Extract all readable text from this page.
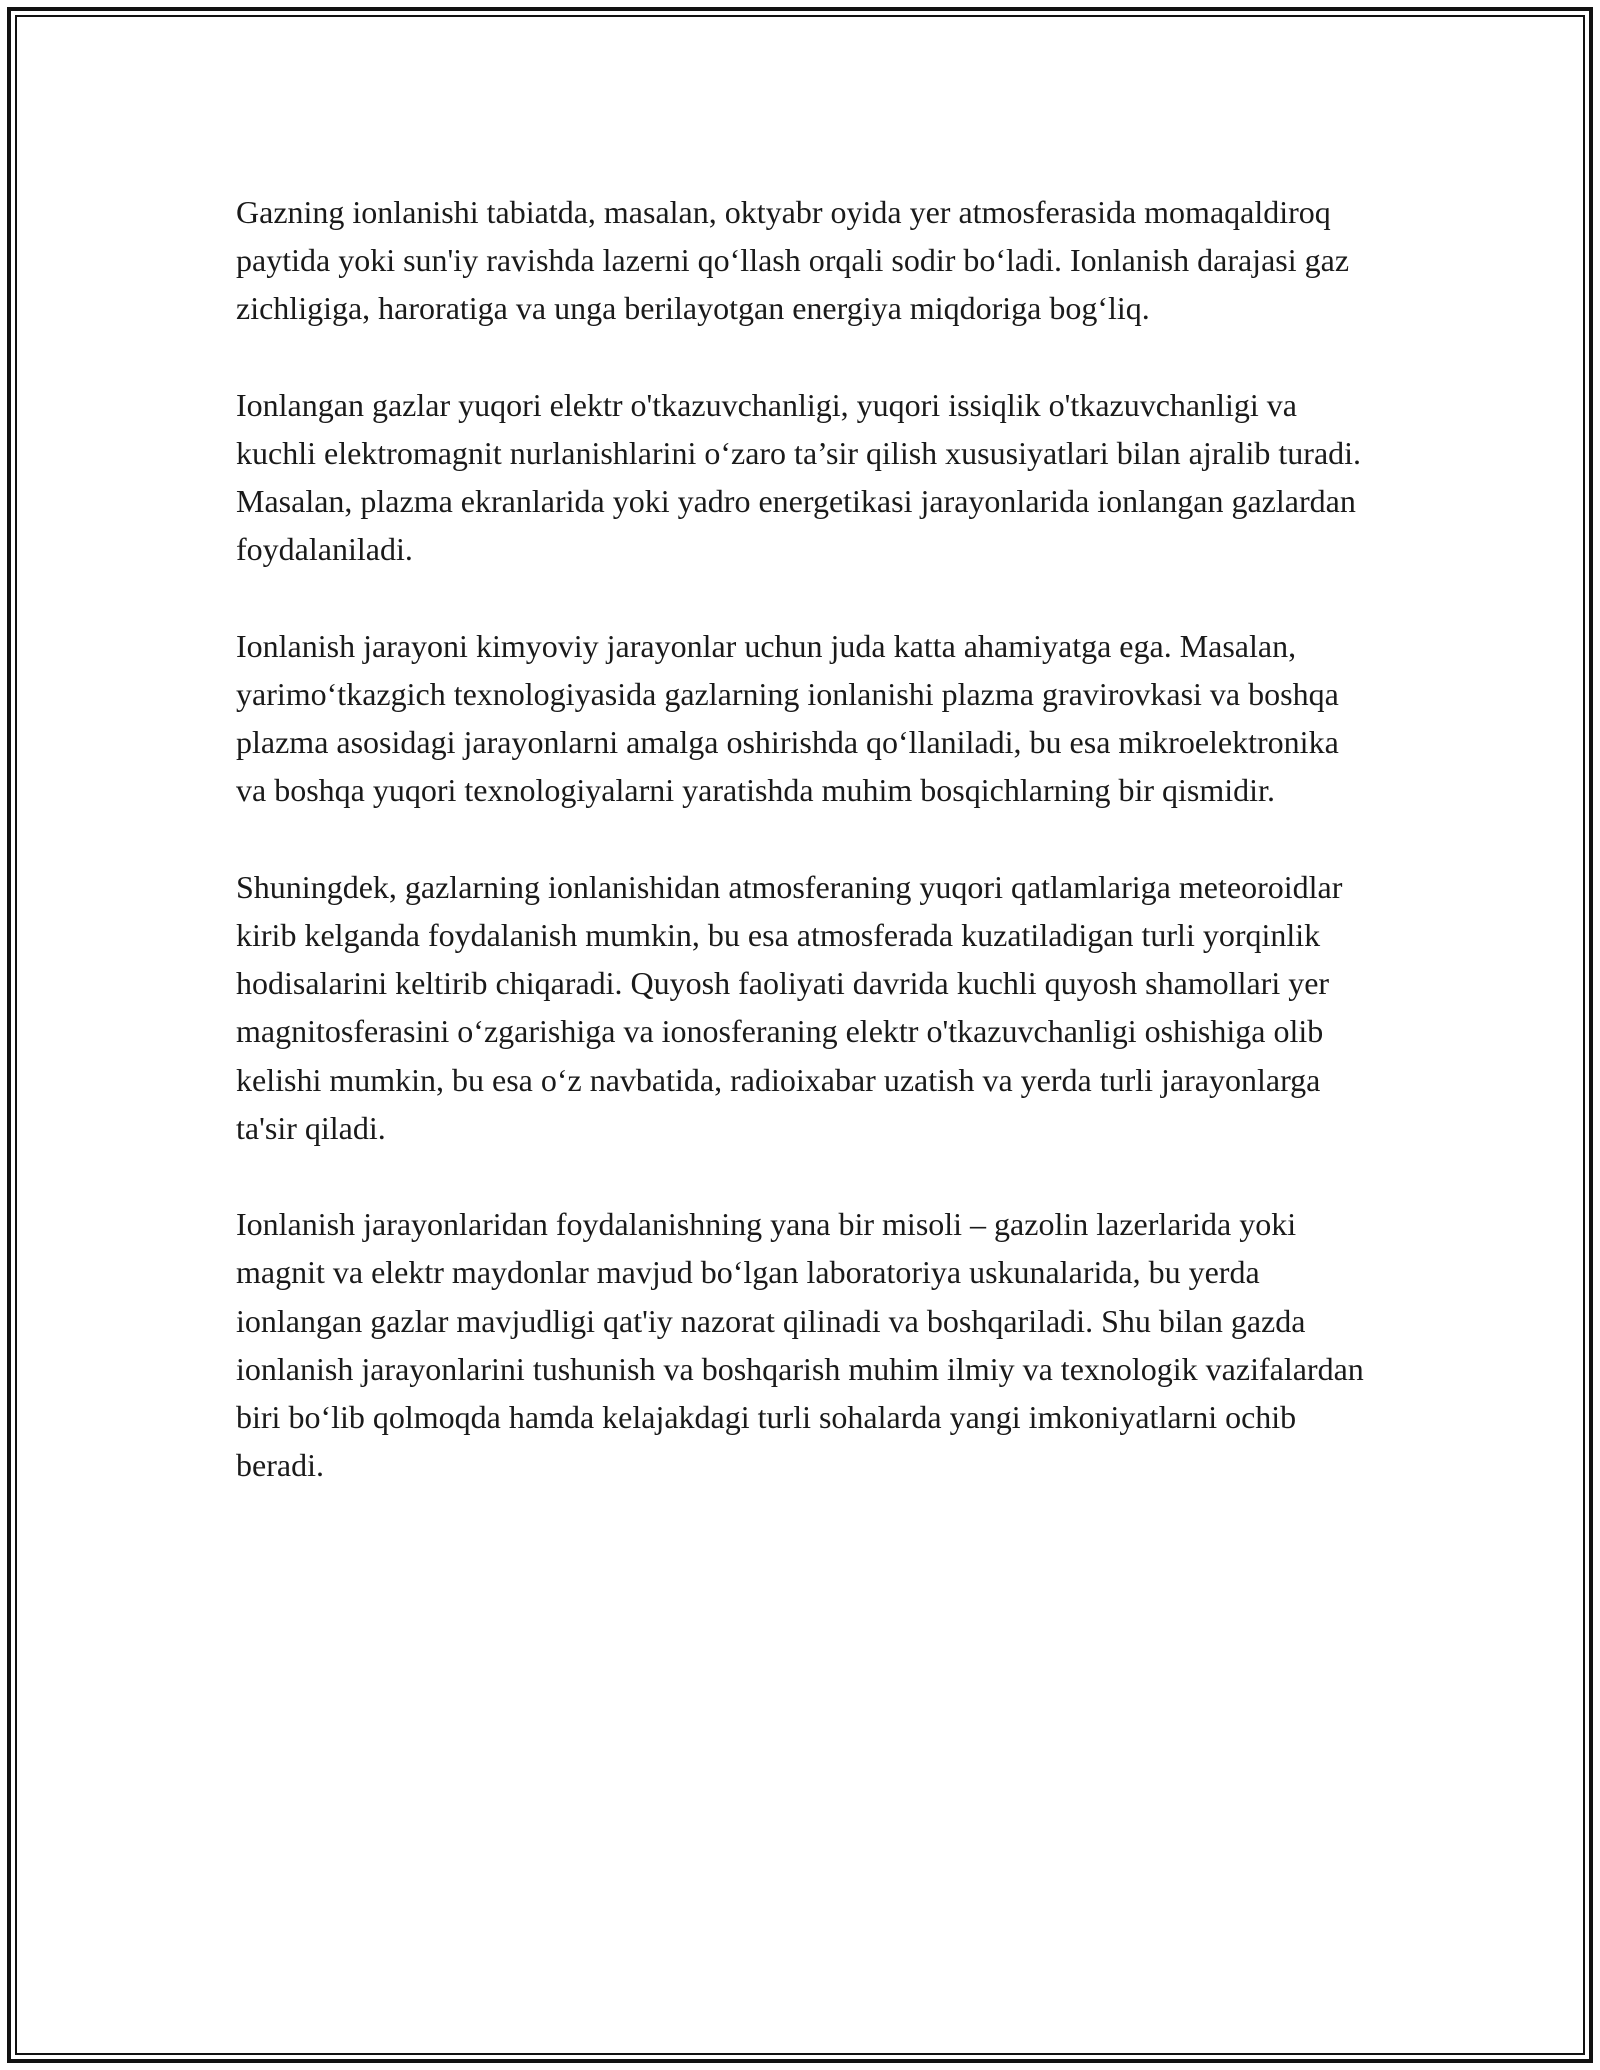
Gazning ionlanishi tabiatda, masalan, oktyabr oyida yer atmosferasida momaqaldiroq paytida yoki sun'iy ravishda lazerni qo‘llash orqali sodir bo‘ladi. Ionlanish darajasi gaz zichligiga, haroratiga va unga berilayotgan energiya miqdoriga bog‘liq.

Ionlangan gazlar yuqori elektr o'tkazuvchanligi, yuqori issiqlik o'tkazuvchanligi va kuchli elektromagnit nurlanishlarini o‘zaro ta’sir qilish xususiyatlari bilan ajralib turadi. Masalan, plazma ekranlarida yoki yadro energetikasi jarayonlarida ionlangan gazlardan foydalaniladi.

Ionlanish jarayoni kimyoviy jarayonlar uchun juda katta ahamiyatga ega. Masalan, yarimo‘tkazgich texnologiyasida gazlarning ionlanishi plazma gravirovkasi va boshqa plazma asosidagi jarayonlarni amalga oshirishda qo‘llaniladi, bu esa mikroelektronika va boshqa yuqori texnologiyalarni yaratishda muhim bosqichlarning bir qismidir.

Shuningdek, gazlarning ionlanishidan atmosferaning yuqori qatlamlariga meteoroidlar kirib kelganda foydalanish mumkin, bu esa atmosferada kuzatiladigan turli yorqinlik hodisalarini keltirib chiqaradi. Quyosh faoliyati davrida kuchli quyosh shamollari yer magnitosferasini o‘zgarishiga va ionosferaning elektr o'tkazuvchanligi oshishiga olib kelishi mumkin, bu esa o‘z navbatida, radioixabar uzatish va yerda turli jarayonlarga ta'sir qiladi.

Ionlanish jarayonlaridan foydalanishning yana bir misoli – gazolin lazerlarida yoki magnit va elektr maydonlar mavjud bo‘lgan laboratoriya uskunalarida, bu yerda ionlangan gazlar mavjudligi qat'iy nazorat qilinadi va boshqariladi. Shu bilan gazda ionlanish jarayonlarini tushunish va boshqarish muhim ilmiy va texnologik vazifalardan biri bo‘lib qolmoqda hamda kelajakdagi turli sohalarda yangi imkoniyatlarni ochib beradi.
